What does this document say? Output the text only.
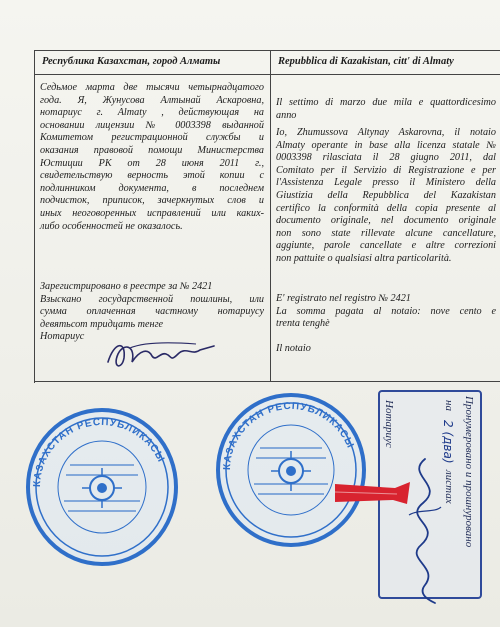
Республика Казахстан, город Алматы	Repubblica di Kazakistan, citt' di Almaty
Седьмое марта две тысячи четырнадцатого
года. Я, Жунусова Алтынай Аскаровна,
нотариус г. Almaty , действующая на
основании лицензии № 0003398 выданной
Комитетом регистрационной службы и
оказания правовой помощи Министерства
Юстиции РК от 28 июня 2011 г.,
свидетельствую верность этой копии с
подлинником документа, в последнем
подчисток, приписок, зачеркнутых слов и
иных неоговоренных исправлений или каких-
либо особенностей не оказалось.
Зарегистрировано в реестре за № 2421
Взыскано государственной пошлины, или
сумма оплаченная частному нотариусу
девятьсот тридцать тенге
Нотариус
Il settimo di marzo due mila e quattordicesimo
anno
Io, Zhumussova Altynay Askarovna, il notaio
Almaty operante in base alla licenza statale №
0003398 rilasciata il 28 giugno 2011, dal
Comitato per il Servizio di Registrazione e per
l'Assistenza Legale presso il Ministero della
Giustizia della Repubblica del Kazakistan
certifico la conformità della copia presente al
documento originale, nel documento originale
non sono state rillevate alcune cancellature,
aggiunte, parole cancellate e altre correzioni
non pattuite o qualsiasi altra particolarità.
E' registrato nel registro № 2421
La somma pagata al notaio: nove cento e
trenta tenghè
Il notaio
КАЗАХСТАН РЕСПУБЛИКАСЫ
КАЗАХСТАН РЕСПУБЛИКАСЫ	Пронумеровано и прошнуровано
на
2 (два)
листах
Нотариус
